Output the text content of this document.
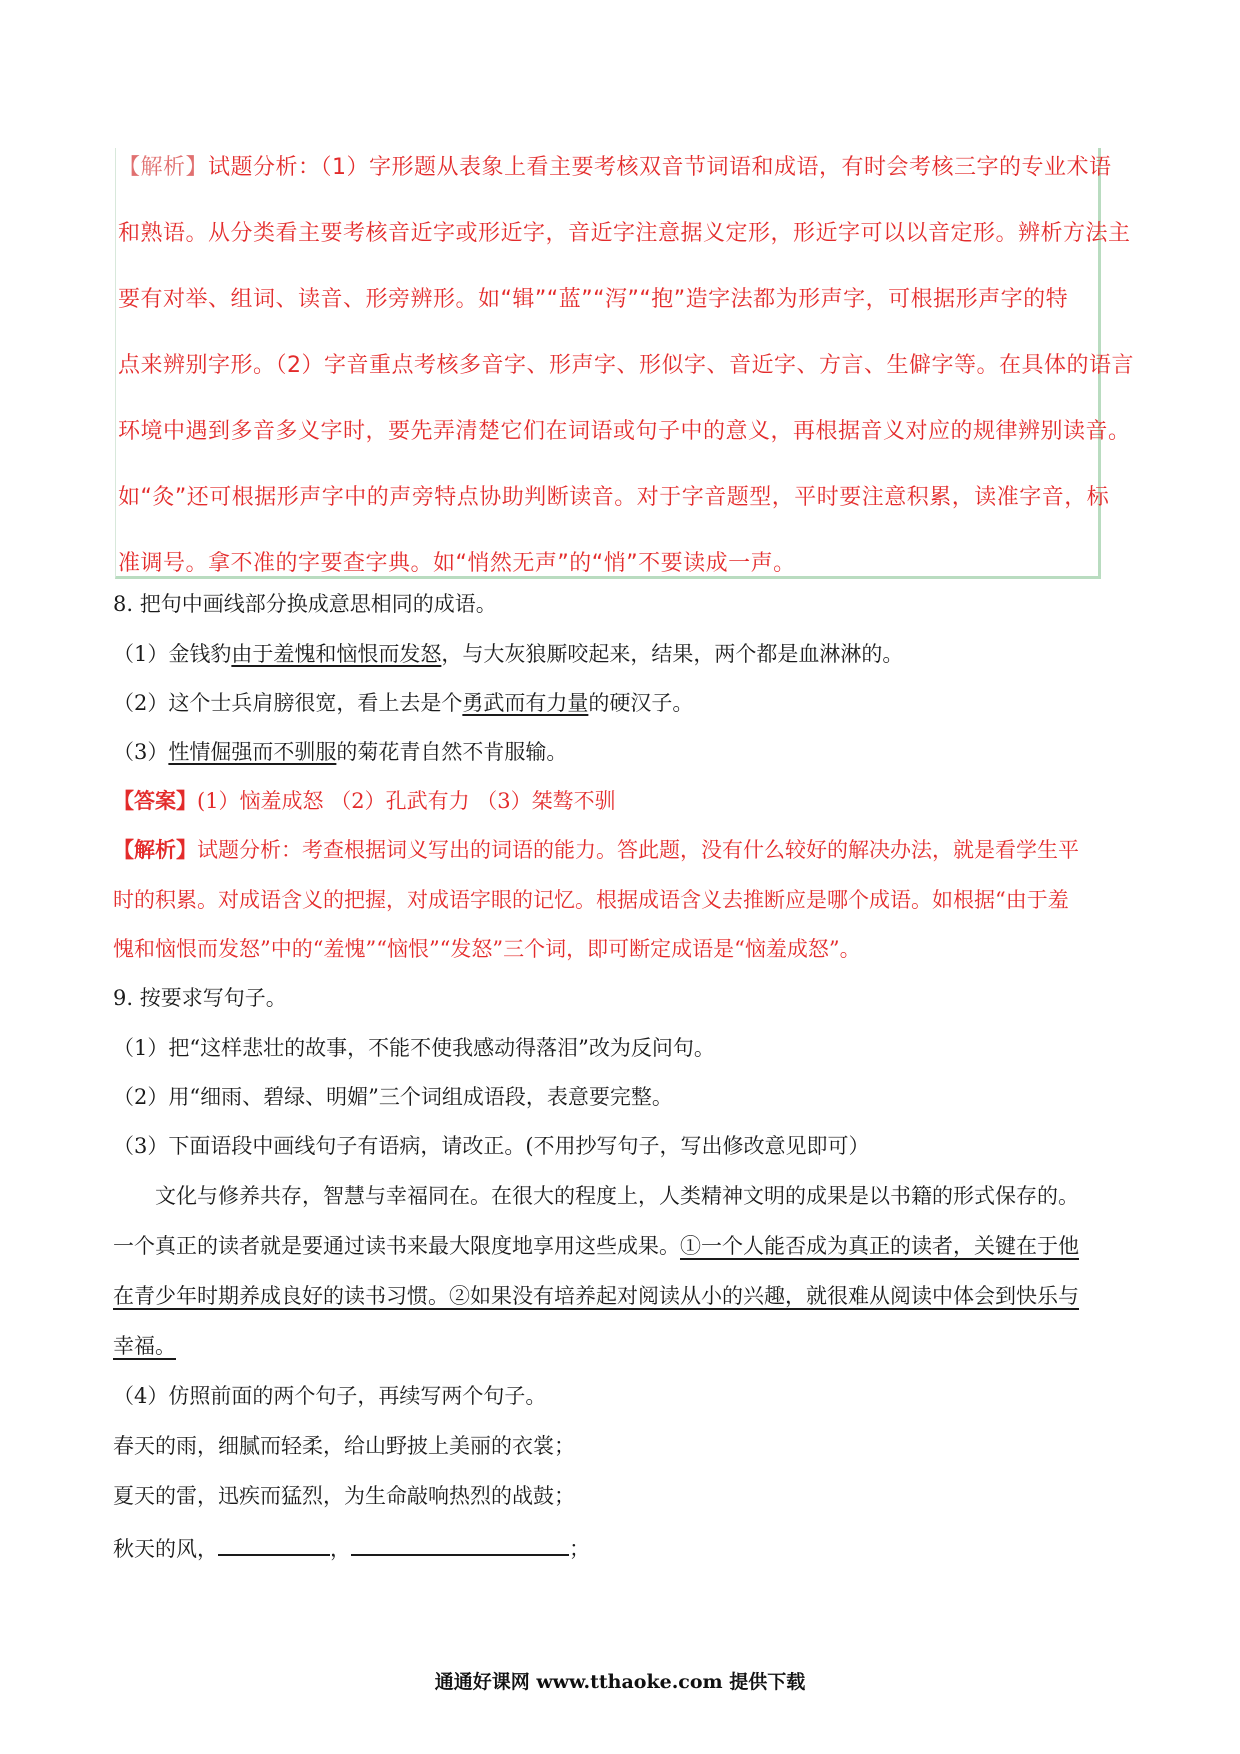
【解析】试题分析：（1）字形题从表象上看主要考核双音节词语和成语，有时会考核三字的专业术语
和熟语。从分类看主要考核音近字或形近字，音近字注意据义定形，形近字可以以音定形。辨析方法主
要有对举、组词、读音、形旁辨形。如“辑”“蓝”“泻”“抱”造字法都为形声字，可根据形声字的特
点来辨别字形。（2）字音重点考核多音字、形声字、形似字、音近字、方言、生僻字等。在具体的语言
环境中遇到多音多义字时，要先弄清楚它们在词语或句子中的意义，再根据音义对应的规律辨别读音。
如“灸”还可根据形声字中的声旁特点协助判断读音。对于字音题型，平时要注意积累，读准字音，标
准调号。拿不准的字要查字典。如“悄然无声”的“悄”不要读成一声。
8. 把句中画线部分换成意思相同的成语。
（1）金钱豹由于羞愧和恼恨而发怒，与大灰狼厮咬起来，结果，两个都是血淋淋的。
（2）这个士兵肩膀很宽，看上去是个勇武而有力量的硬汉子。
（3）性情倔强而不驯服的菊花青自然不肯服输。
【答案】(1）恼羞成怒 （2）孔武有力 （3）桀骜不驯
【解析】试题分析：考查根据词义写出的词语的能力。答此题，没有什么较好的解决办法，就是看学生平
时的积累。对成语含义的把握，对成语字眼的记忆。根据成语含义去推断应是哪个成语。如根据“由于羞
愧和恼恨而发怒”中的“羞愧”“恼恨”“发怒”三个词，即可断定成语是“恼羞成怒”。
9. 按要求写句子。
（1）把“这样悲壮的故事，不能不使我感动得落泪”改为反问句。
（2）用“细雨、碧绿、明媚”三个词组成语段，表意要完整。
（3）下面语段中画线句子有语病，请改正。(不用抄写句子，写出修改意见即可）
文化与修养共存，智慧与幸福同在。在很大的程度上，人类精神文明的成果是以书籍的形式保存的。
一个真正的读者就是要通过读书来最大限度地享用这些成果。①一个人能否成为真正的读者，关键在于他
在青少年时期养成良好的读书习惯。②如果没有培养起对阅读从小的兴趣，就很难从阅读中体会到快乐与
幸福。
（4）仿照前面的两个句子，再续写两个句子。
春天的雨，细腻而轻柔，给山野披上美丽的衣裳；
夏天的雷，迅疾而猛烈，为生命敲响热烈的战鼓；
秋天的风，	，	；
通通好课网 www.tthaoke.com 提供下载
